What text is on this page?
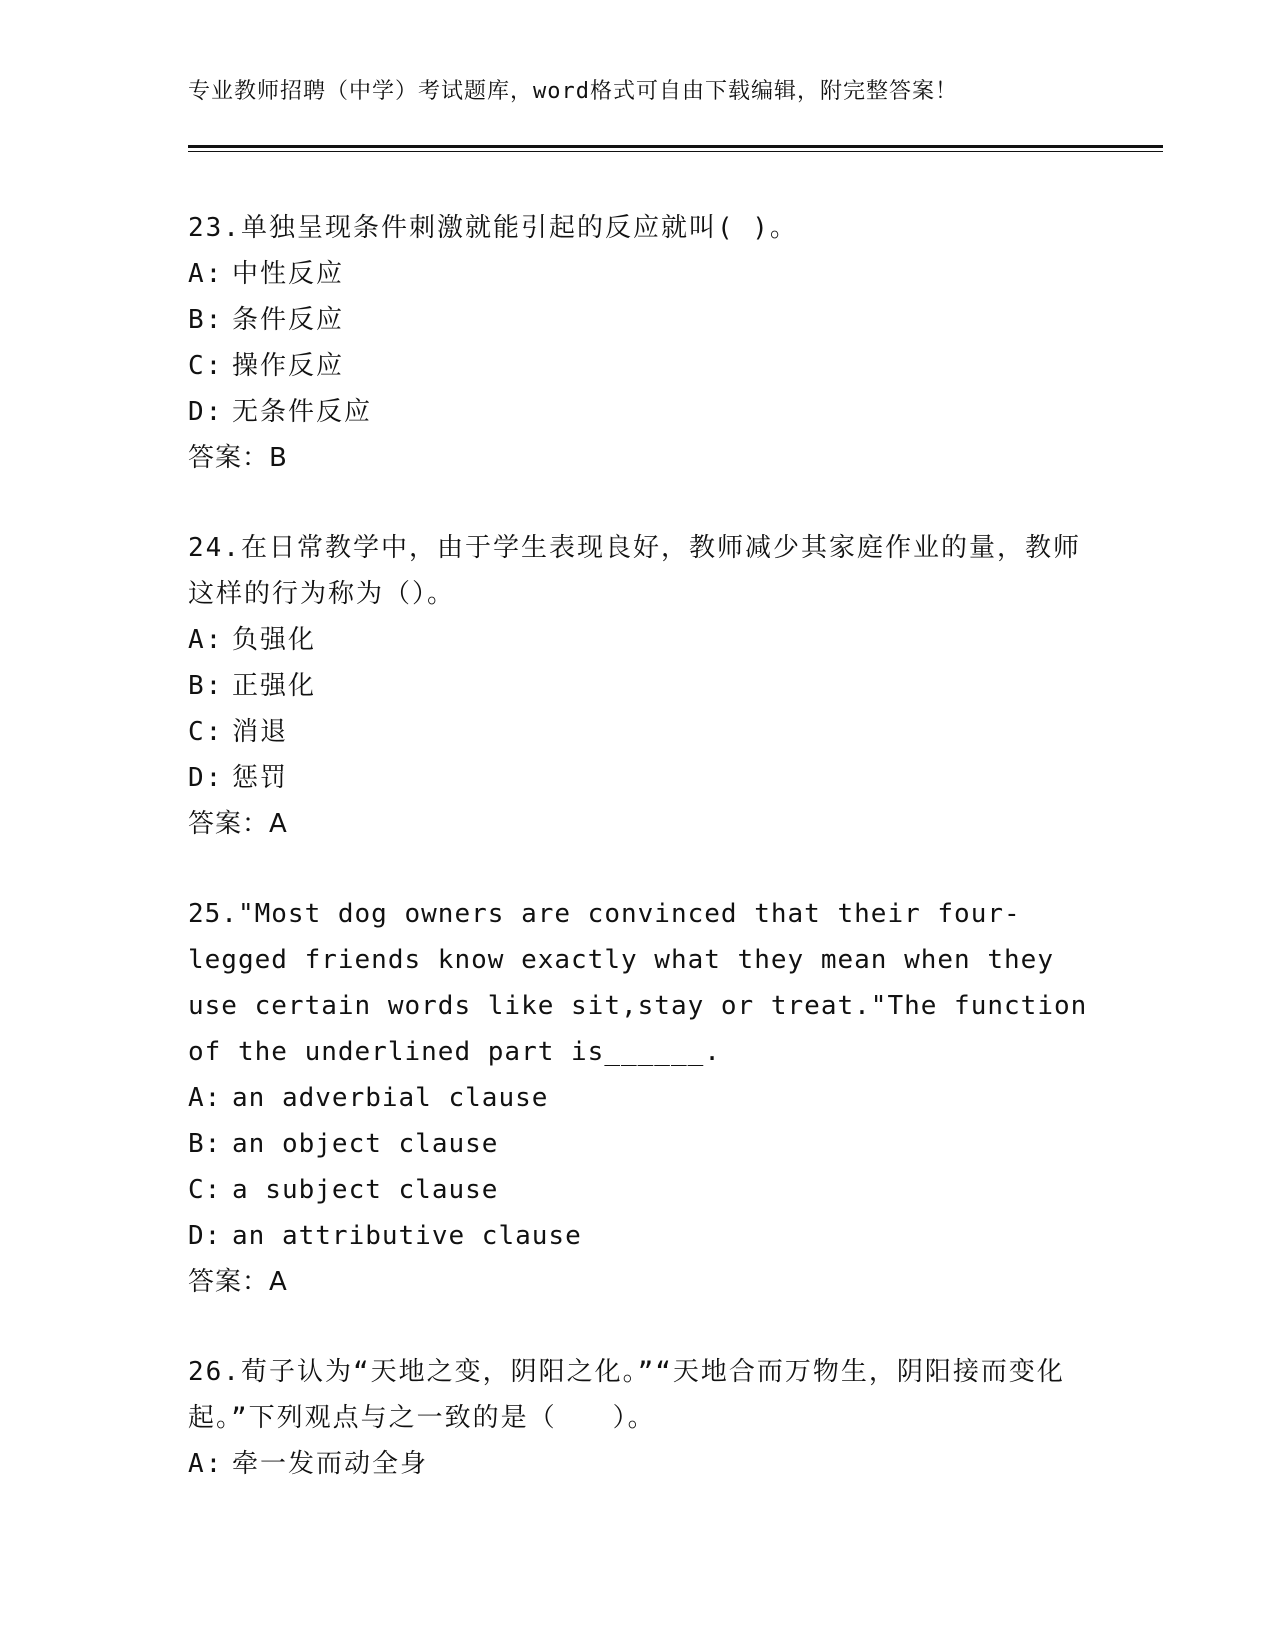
专业教师招聘（中学）考试题库，word格式可自由下载编辑，附完整答案！
23.单独呈现条件刺激就能引起的反应就叫( )。
A: 中性反应
B: 条件反应
C: 操作反应
D: 无条件反应
答案：B
24.在日常教学中，由于学生表现良好，教师减少其家庭作业的量，教师这样的行为称为（）。
A: 负强化
B: 正强化
C: 消退
D: 惩罚
答案：A
25."Most dog owners are convinced that their four-legged friends know exactly what they mean when they use certain words like sit,stay or treat."The function of the underlined part is______.
A: an adverbial clause
B: an object clause
C: a subject clause
D: an attributive clause
答案：A
26.荀子认为“天地之变，阴阳之化。”“天地合而万物生，阴阳接而变化起。”下列观点与之一致的是（　　）。
A: 牵一发而动全身
